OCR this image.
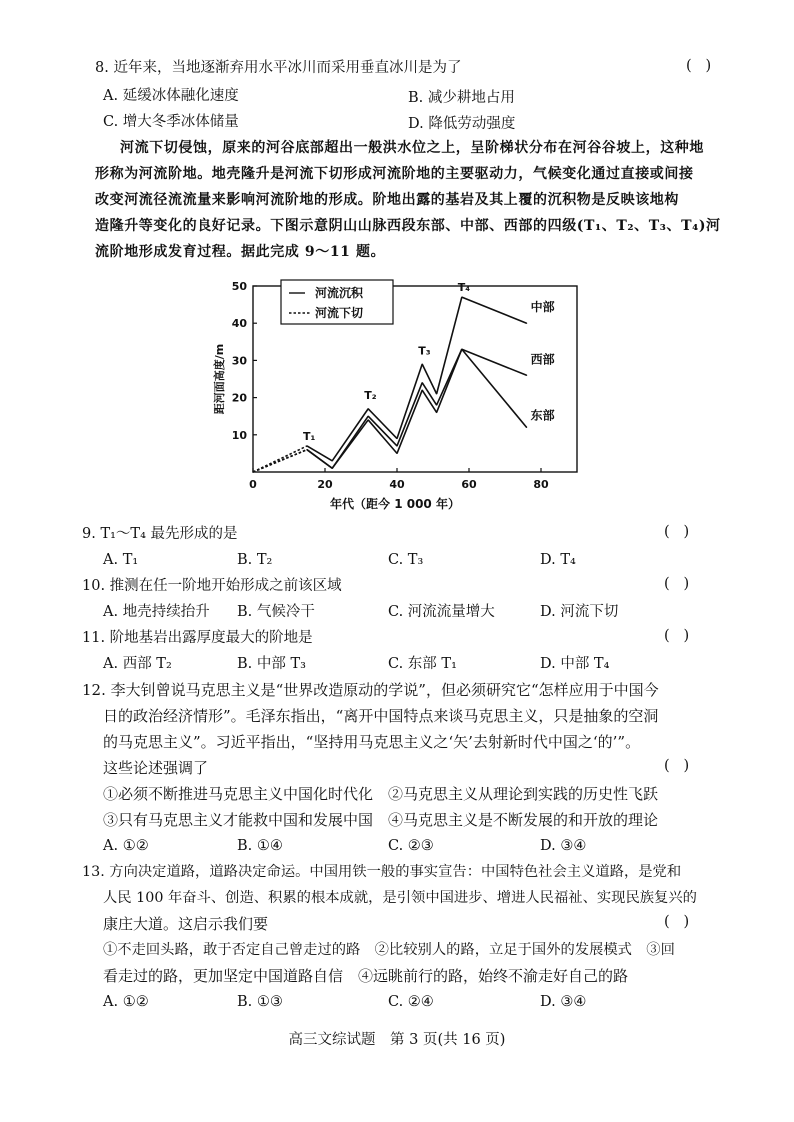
8. 近年来，当地逐渐弃用水平冰川而采用垂直冰川是为了	(   )
A. 延缓冰体融化速度	B. 减少耕地占用
C. 增大冬季冰体储量	D. 降低劳动强度
河流下切侵蚀，原来的河谷底部超出一般洪水位之上，呈阶梯状分布在河谷谷坡上，这种地
形称为河流阶地。地壳隆升是河流下切形成河流阶地的主要驱动力，气候变化通过直接或间接
改变河流径流流量来影响河流阶地的形成。阶地出露的基岩及其上覆的沉积物是反映该地构
造隆升等变化的良好记录。下图示意阴山山脉西段东部、中部、西部的四级(T₁、T₂、T₃、T₄)河
流阶地形成发育过程。据此完成 9～11 题。
0	20	40	60	80
10
20
30
40
50
年代（距今 1 000 年）
距河面高度/m
中部
西部
东部
T₁
T₂
T₃
T₄
河流沉积
河流下切
9. T₁～T₄ 最先形成的是	(   )
A. T₁	B. T₂	C. T₃	D. T₄
10. 推测在任一阶地开始形成之前该区域	(   )
A. 地壳持续抬升 B. 气候冷干	C. 河流流量增大	D. 河流下切
11. 阶地基岩出露厚度最大的阶地是	(   )
A. 西部 T₂	B. 中部 T₃	C. 东部 T₁	D. 中部 T₄
12. 李大钊曾说马克思主义是“世界改造原动的学说”，但必须研究它“怎样应用于中国今
日的政治经济情形”。毛泽东指出，“离开中国特点来谈马克思主义，只是抽象的空洞
的马克思主义”。习近平指出，“坚持用马克思主义之‘矢’去射新时代中国之‘的’”。
这些论述强调了	(   )
①必须不断推进马克思主义中国化时代化　②马克思主义从理论到实践的历史性飞跃
③只有马克思主义才能救中国和发展中国　④马克思主义是不断发展的和开放的理论
A. ①②	B. ①④	C. ②③	D. ③④
13. 方向决定道路，道路决定命运。中国用铁一般的事实宣告：中国特色社会主义道路，是党和
人民 100 年奋斗、创造、积累的根本成就，是引领中国进步、增进人民福祉、实现民族复兴的
康庄大道。这启示我们要	(   )
①不走回头路，敢于否定自己曾走过的路　②比较别人的路，立足于国外的发展模式　③回
看走过的路，更加坚定中国道路自信　④远眺前行的路，始终不渝走好自己的路
A. ①②	B. ①③	C. ②④	D. ③④
高三文综试题　第 3 页(共 16 页)
